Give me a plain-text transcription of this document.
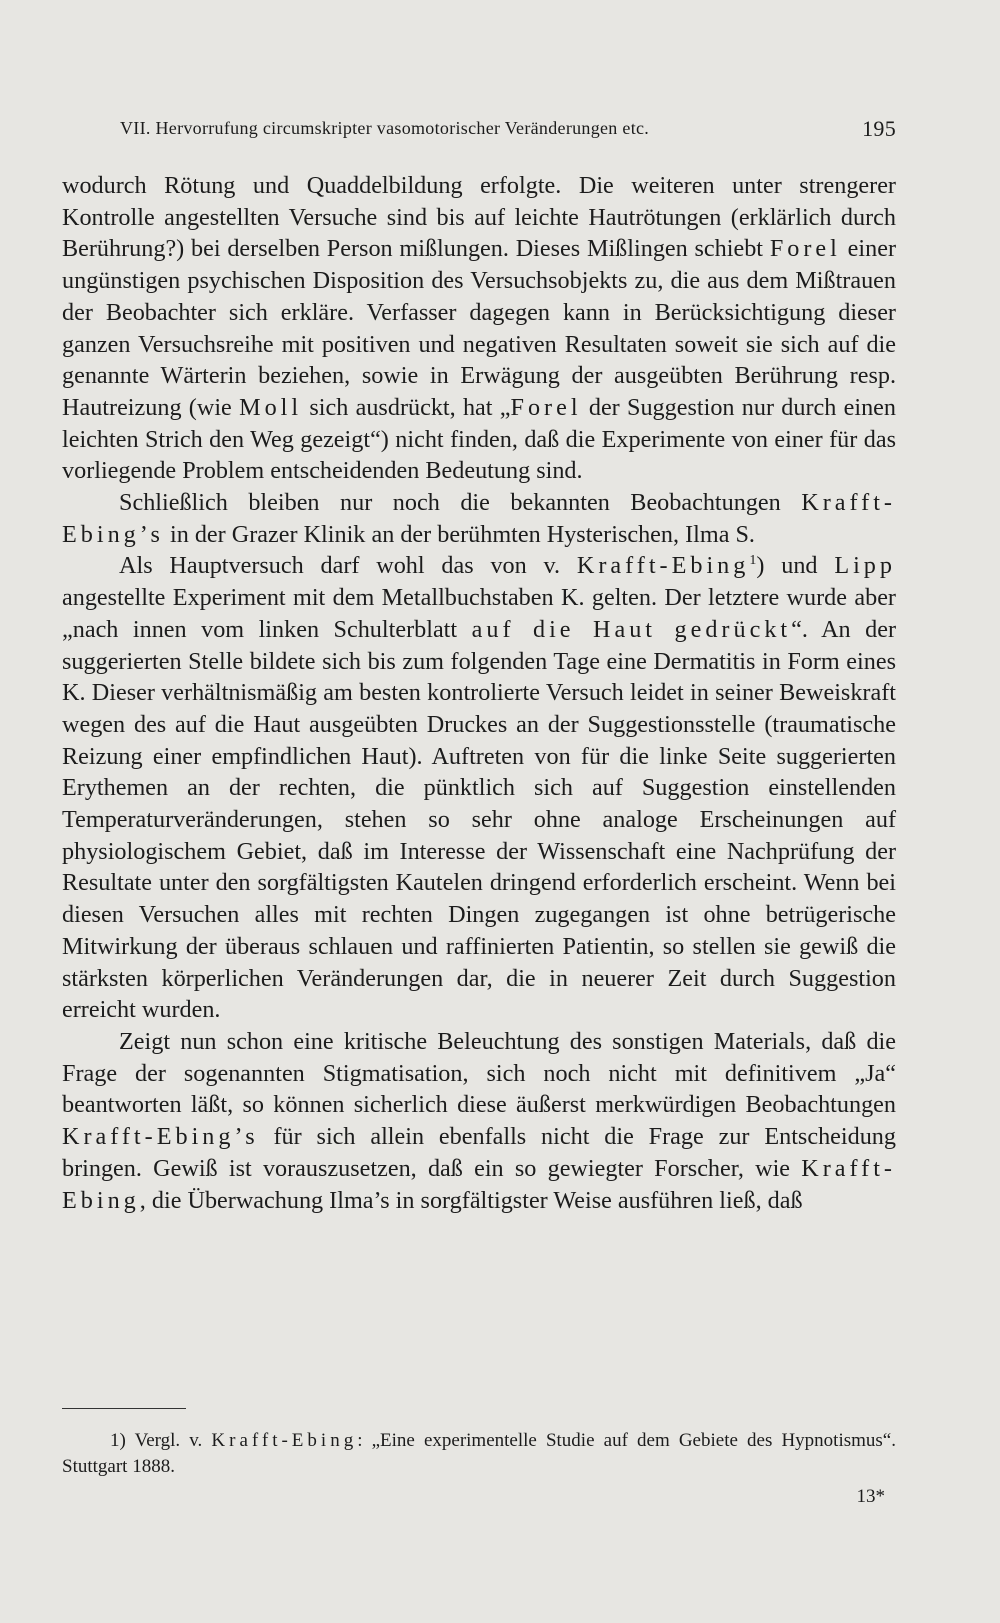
VII. Hervorrufung circumskripter vasomotorischer Veränderungen etc.	195

wodurch Rötung und Quaddelbildung erfolgte. Die weiteren unter strengerer Kontrolle angestellten Versuche sind bis auf leichte Hautrötungen (erklärlich durch Berührung?) bei derselben Person mißlungen. Dieses Mißlingen schiebt Forel einer ungünstigen psychischen Disposition des Versuchsobjekts zu, die aus dem Mißtrauen der Beobachter sich erkläre. Verfasser dagegen kann in Berücksichtigung dieser ganzen Versuchsreihe mit positiven und negativen Resultaten soweit sie sich auf die genannte Wärterin beziehen, sowie in Erwägung der ausgeübten Berührung resp. Hautreizung (wie Moll sich ausdrückt, hat „Forel der Suggestion nur durch einen leichten Strich den Weg gezeigt“) nicht finden, daß die Experimente von einer für das vorliegende Problem entscheidenden Bedeutung sind.

Schließlich bleiben nur noch die bekannten Beobachtungen Krafft-Ebing’s in der Grazer Klinik an der berühmten Hysterischen, Ilma S.

Als Hauptversuch darf wohl das von v. Krafft-Ebing$^1$) und Lipp angestellte Experiment mit dem Metallbuchstaben K. gelten. Der letztere wurde aber „nach innen vom linken Schulterblatt auf die Haut gedrückt“. An der suggerierten Stelle bildete sich bis zum folgenden Tage eine Dermatitis in Form eines K. Dieser verhältnismäßig am besten kontrolierte Versuch leidet in seiner Beweiskraft wegen des auf die Haut ausgeübten Druckes an der Suggestionsstelle (traumatische Reizung einer empfindlichen Haut). Auftreten von für die linke Seite suggerierten Erythemen an der rechten, die pünktlich sich auf Suggestion einstellenden Temperaturveränderungen, stehen so sehr ohne analoge Erscheinungen auf physiologischem Gebiet, daß im Interesse der Wissenschaft eine Nachprüfung der Resultate unter den sorgfältigsten Kautelen dringend erforderlich erscheint. Wenn bei diesen Versuchen alles mit rechten Dingen zugegangen ist ohne betrügerische Mitwirkung der überaus schlauen und raffinierten Patientin, so stellen sie gewiß die stärksten körperlichen Veränderungen dar, die in neuerer Zeit durch Suggestion erreicht wurden.

Zeigt nun schon eine kritische Beleuchtung des sonstigen Materials, daß die Frage der sogenannten Stigmatisation, sich noch nicht mit definitivem „Ja“ beantworten läßt, so können sicherlich diese äußerst merkwürdigen Beobachtungen Krafft-Ebing’s für sich allein ebenfalls nicht die Frage zur Entscheidung bringen. Gewiß ist vorauszusetzen, daß ein so gewiegter Forscher, wie Krafft-Ebing, die Überwachung Ilma’s in sorgfältigster Weise ausführen ließ, daß

1) Vergl. v. Krafft-Ebing: „Eine experimentelle Studie auf dem Gebiete des Hypnotismus“. Stuttgart 1888.

13*
